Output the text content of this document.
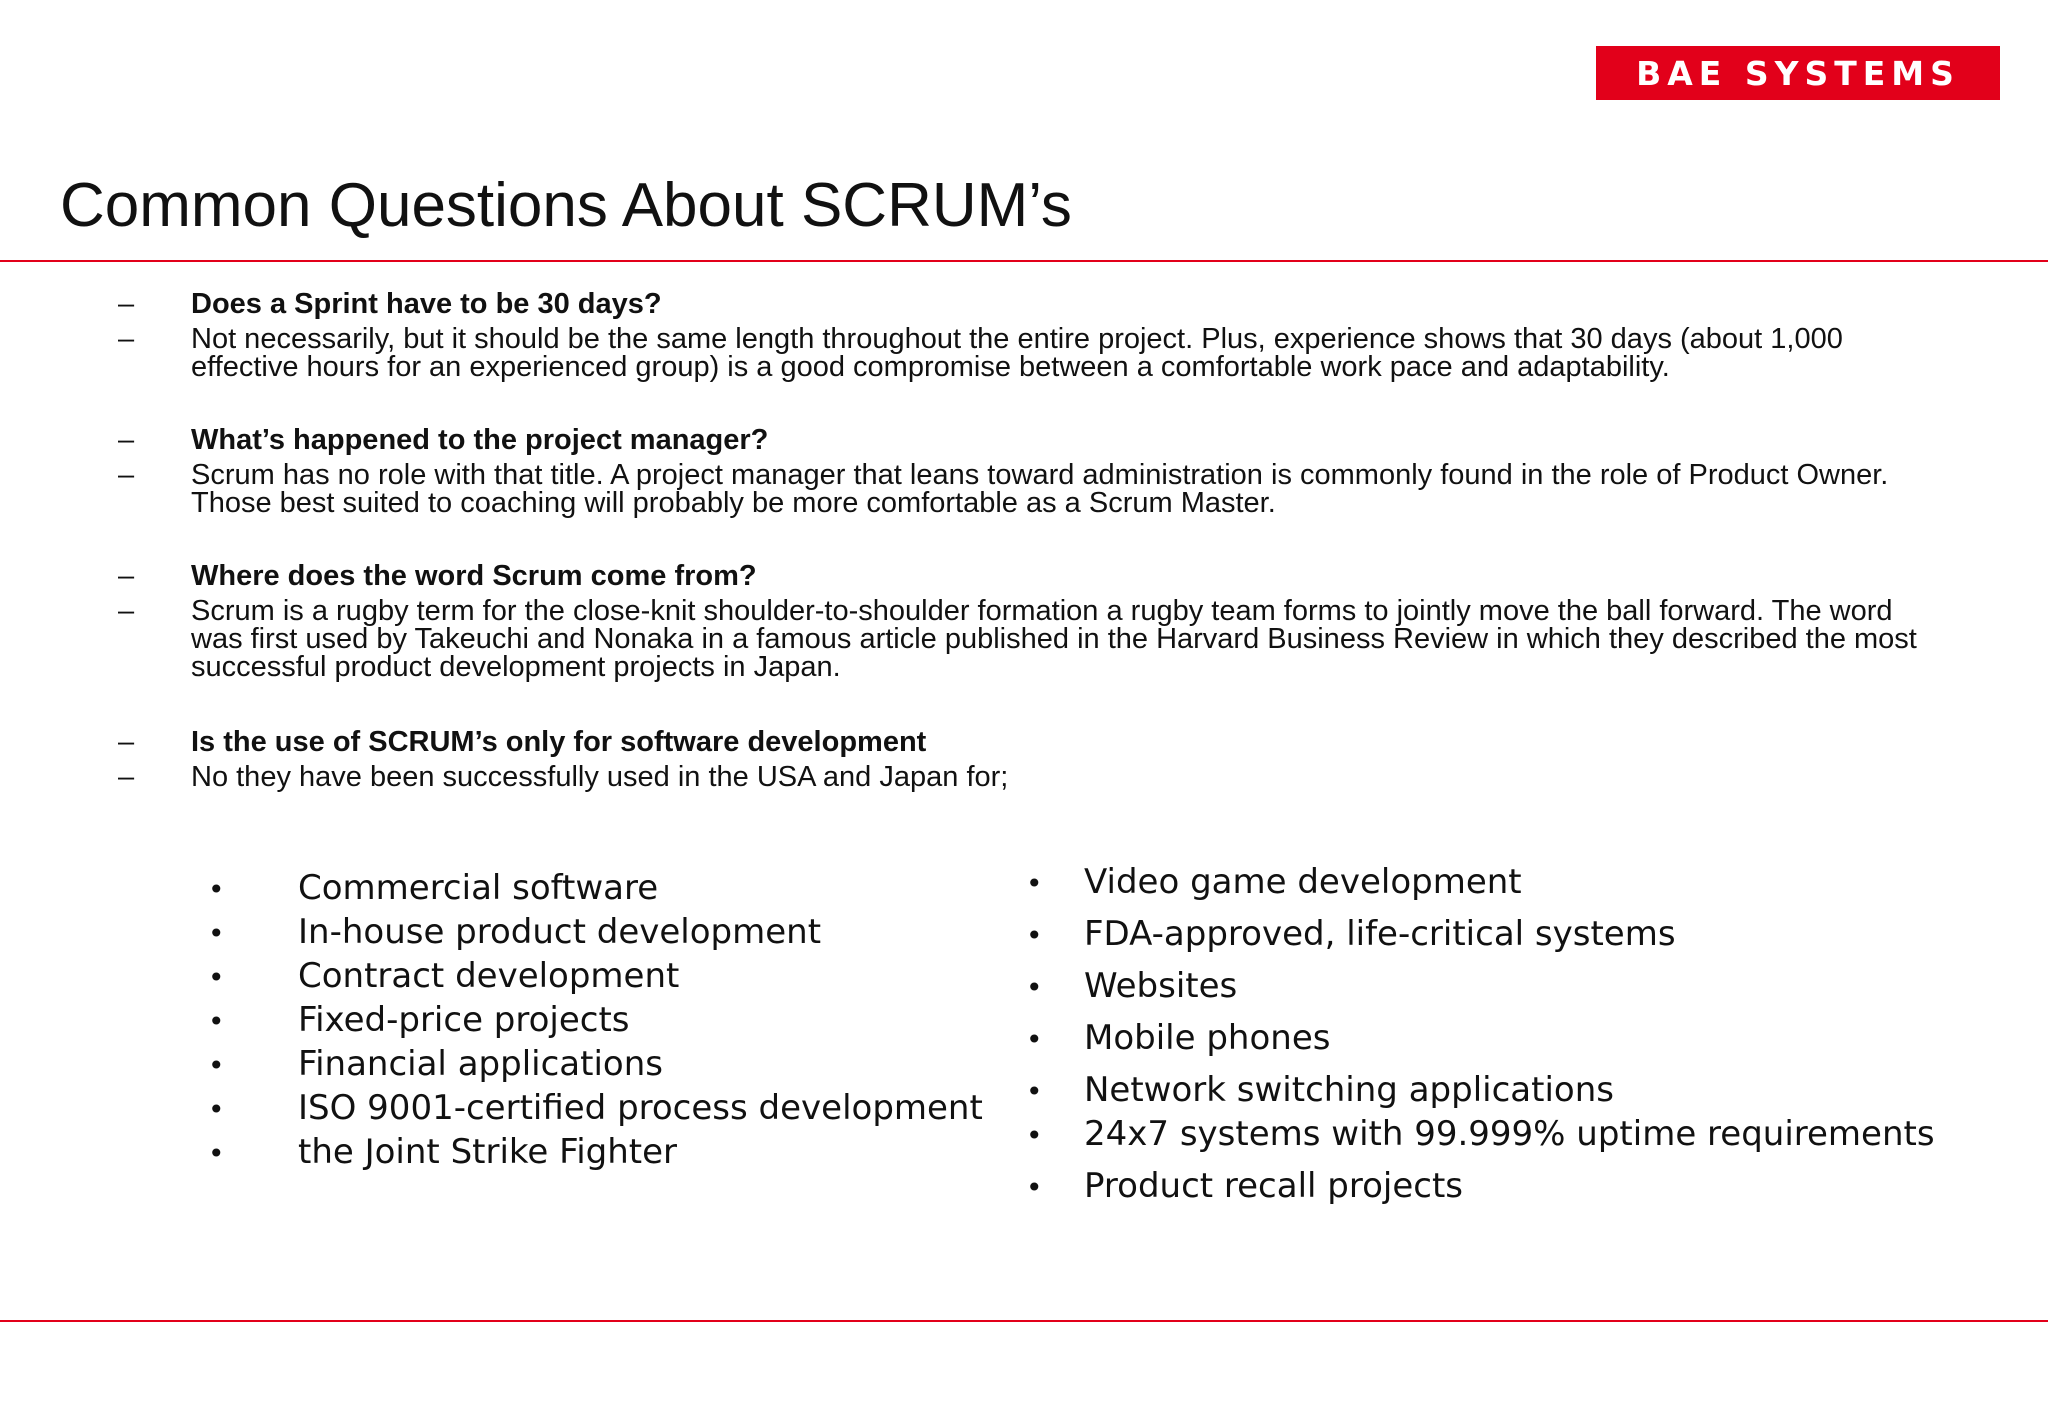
BAE SYSTEMS
Common Questions About SCRUM’s
–	Does a Sprint have to be 30 days?
–	Not necessarily, but it should be the same length throughout the entire project. Plus, experience shows that 30 days (about 1,000 effective hours for an experienced group) is a good compromise between a comfortable work pace and adaptability.
–	What’s happened to the project manager?
–	Scrum has no role with that title. A project manager that leans toward administration is commonly found in the role of Product Owner. Those best suited to coaching will probably be more comfortable as a Scrum Master.
–	Where does the word Scrum come from?
–	Scrum is a rugby term for the close-knit shoulder-to-shoulder formation a rugby team forms to jointly move the ball forward. The word was first used by Takeuchi and Nonaka in a famous article published in the Harvard Business Review in which they described the most successful product development projects in Japan.
–	Is the use of SCRUM’s only for software development
–	No they have been successfully used in the USA and Japan for;
•	Commercial software
•	In-house product development
•	Contract development
•	Fixed-price projects
•	Financial applications
•	ISO 9001-certified process development
•	the Joint Strike Fighter
•	Video game development
•	FDA-approved, life-critical systems
•	Websites
•	Mobile phones
•	Network switching applications
•	24x7 systems with 99.999% uptime requirements
•	Product recall projects
